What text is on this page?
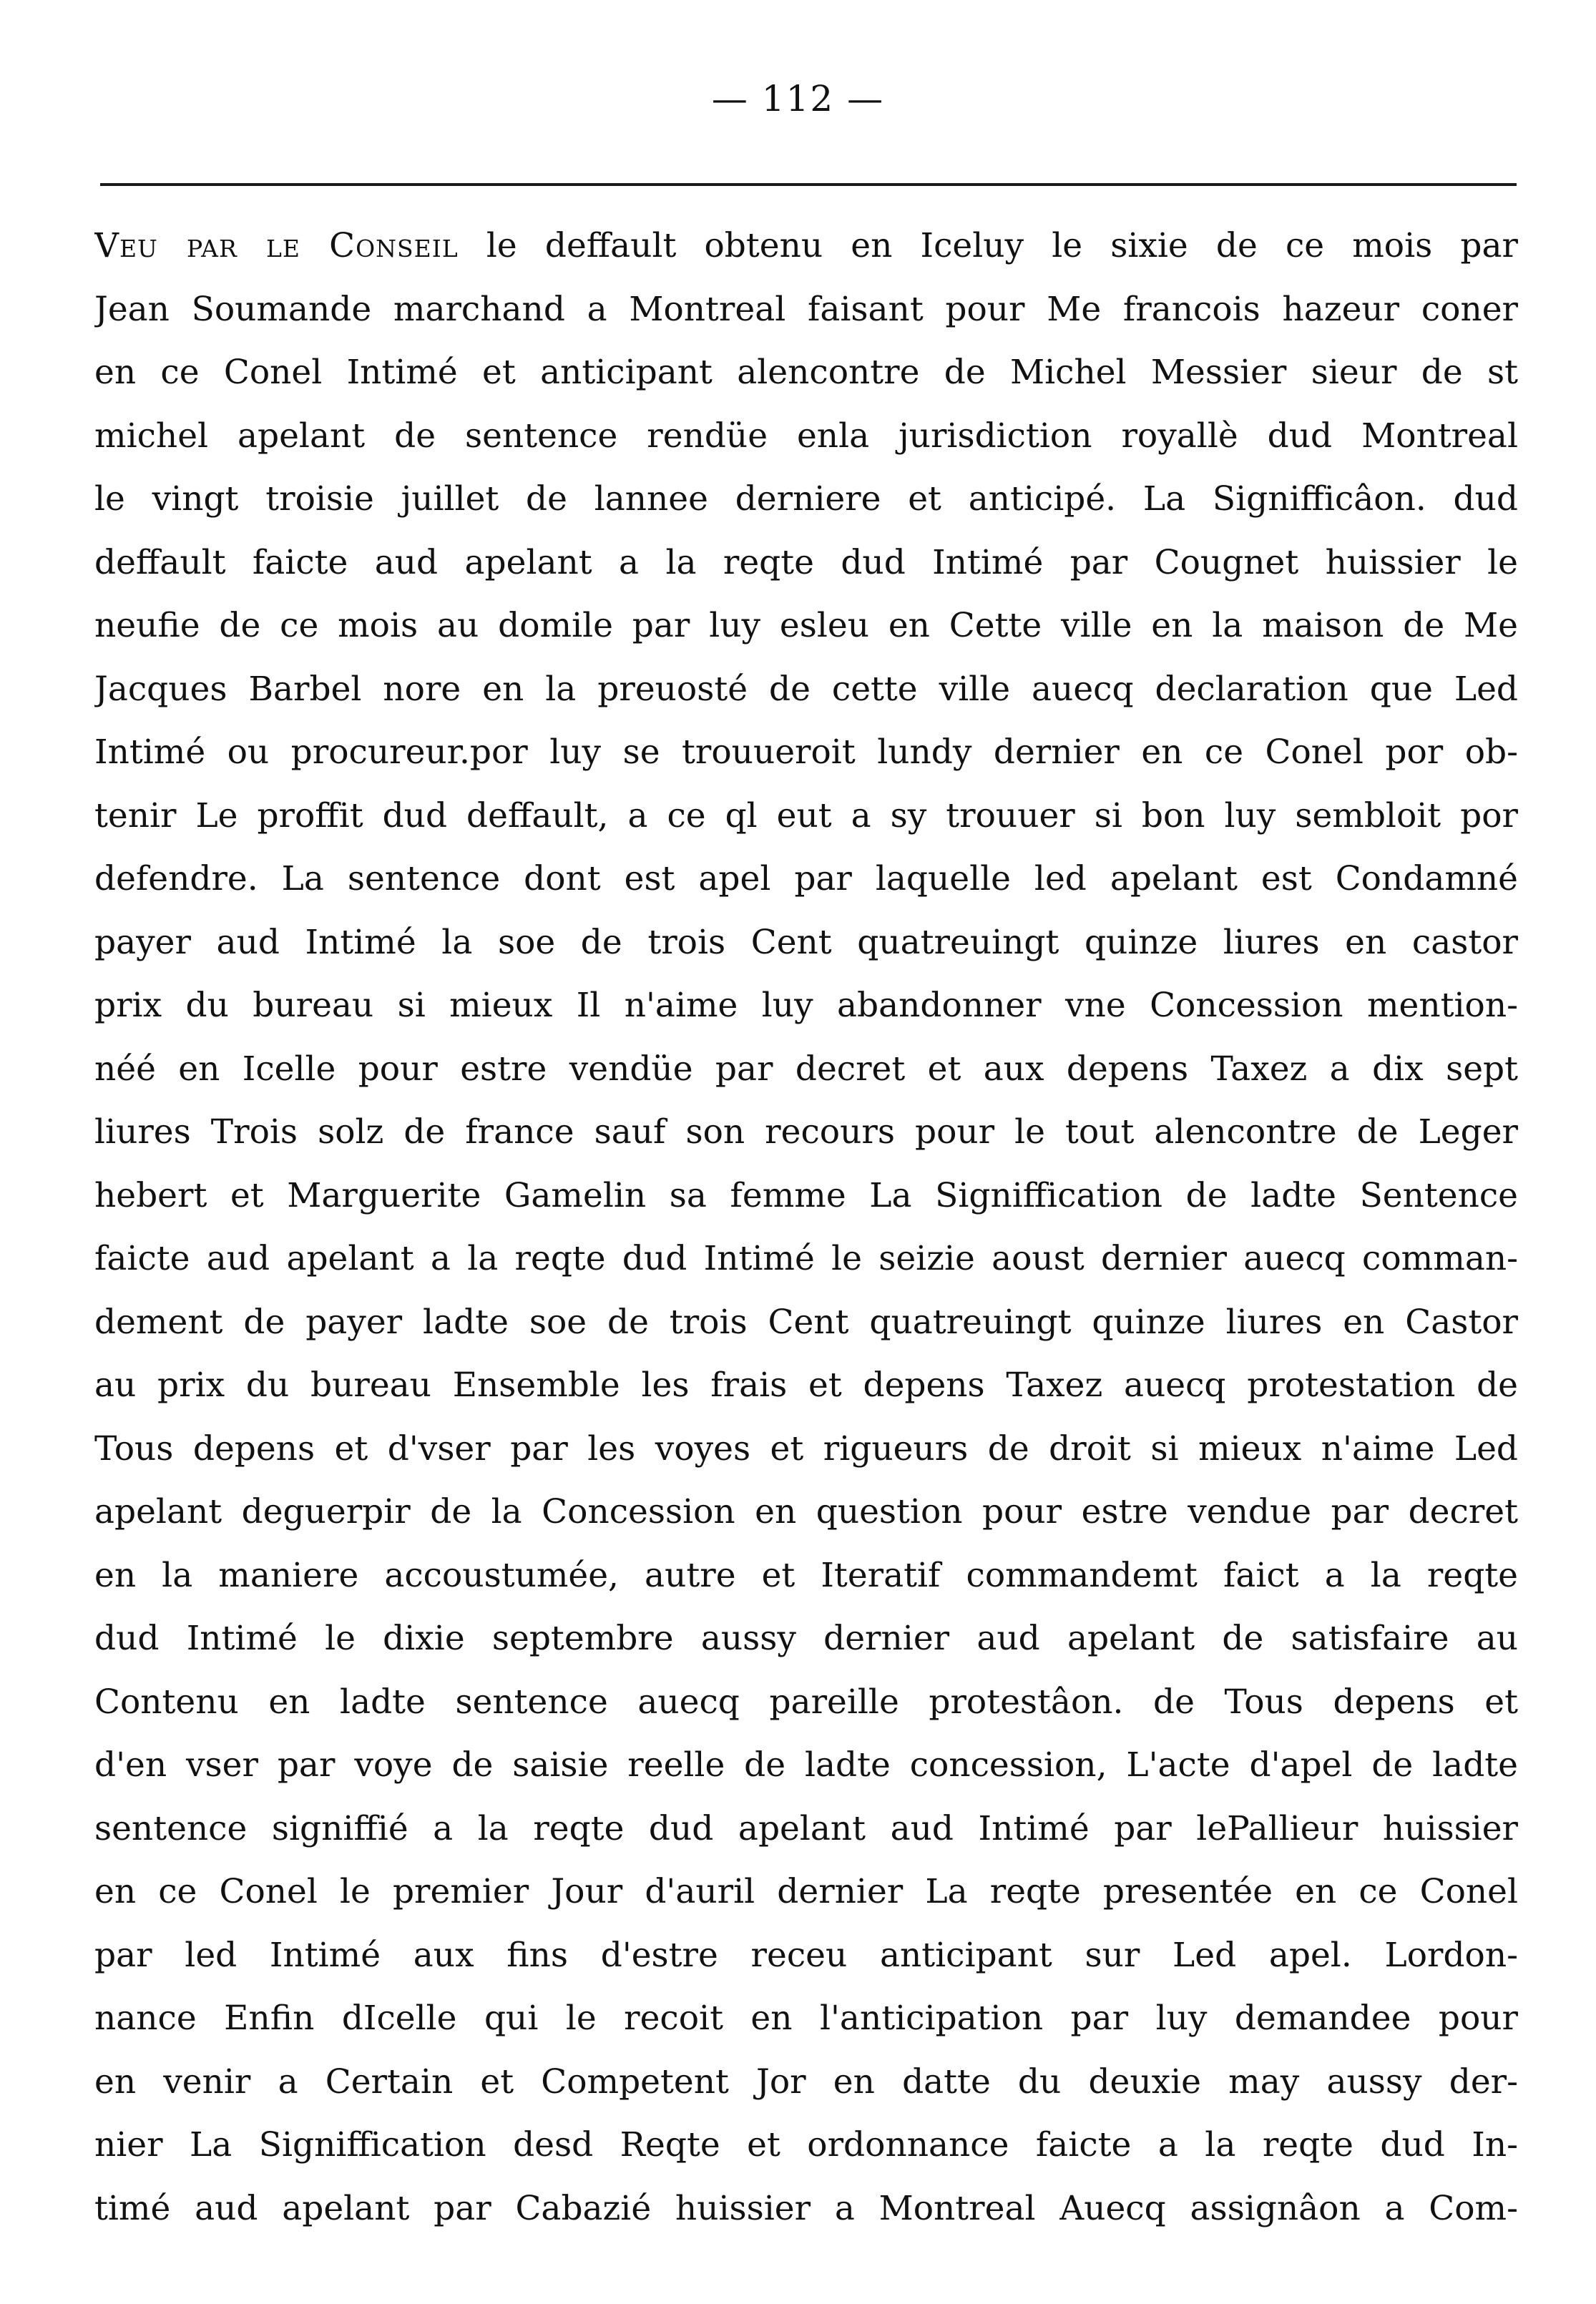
— 112 —
Veu par le Conseil le deffault obtenu en Iceluy le sixie de ce mois par
Jean Soumande marchand a Montreal faisant pour Me francois hazeur coner
en ce Conel Intimé et anticipant alencontre de Michel Messier sieur de st
michel apelant de sentence rendüe enla jurisdiction royallè dud Montreal
le vingt troisie juillet de lannee derniere et anticipé. La Signifficâon. dud
deffault faicte aud apelant a la reqte dud Intimé par Cougnet huissier le
neufie de ce mois au domile par luy esleu en Cette ville en la maison de Me
Jacques Barbel nore en la preuosté de cette ville auecq declaration que Led
Intimé ou procureur.por luy se trouueroit lundy dernier en ce Conel por ob-
tenir Le proffit dud deffault, a ce ql eut a sy trouuer si bon luy sembloit por
defendre. La sentence dont est apel par laquelle led apelant est Condamné
payer aud Intimé la soe de trois Cent quatreuingt quinze liures en castor
prix du bureau si mieux Il n'aime luy abandonner vne Concession mention-
néé en Icelle pour estre vendüe par decret et aux depens Taxez a dix sept
liures Trois solz de france sauf son recours pour le tout alencontre de Leger
hebert et Marguerite Gamelin sa femme La Signiffication de ladte Sentence
faicte aud apelant a la reqte dud Intimé le seizie aoust dernier auecq comman-
dement de payer ladte soe de trois Cent quatreuingt quinze liures en Castor
au prix du bureau Ensemble les frais et depens Taxez auecq protestation de
Tous depens et d'vser par les voyes et rigueurs de droit si mieux n'aime Led
apelant deguerpir de la Concession en question pour estre vendue par decret
en la maniere accoustumée, autre et Iteratif commandemt faict a la reqte
dud Intimé le dixie septembre aussy dernier aud apelant de satisfaire au
Contenu en ladte sentence auecq pareille protestâon. de Tous depens et
d'en vser par voye de saisie reelle de ladte concession, L'acte d'apel de ladte
sentence signiffié a la reqte dud apelant aud Intimé par lePallieur huissier
en ce Conel le premier Jour d'auril dernier La reqte presentée en ce Conel
par led Intimé aux fins d'estre receu anticipant sur Led apel. Lordon-
nance Enfin dIcelle qui le recoit en l'anticipation par luy demandee pour
en venir a Certain et Competent Jor en datte du deuxie may aussy der-
nier La Signiffication desd Reqte et ordonnance faicte a la reqte dud In-
timé aud apelant par Cabazié huissier a Montreal Auecq assignâon a Com-
